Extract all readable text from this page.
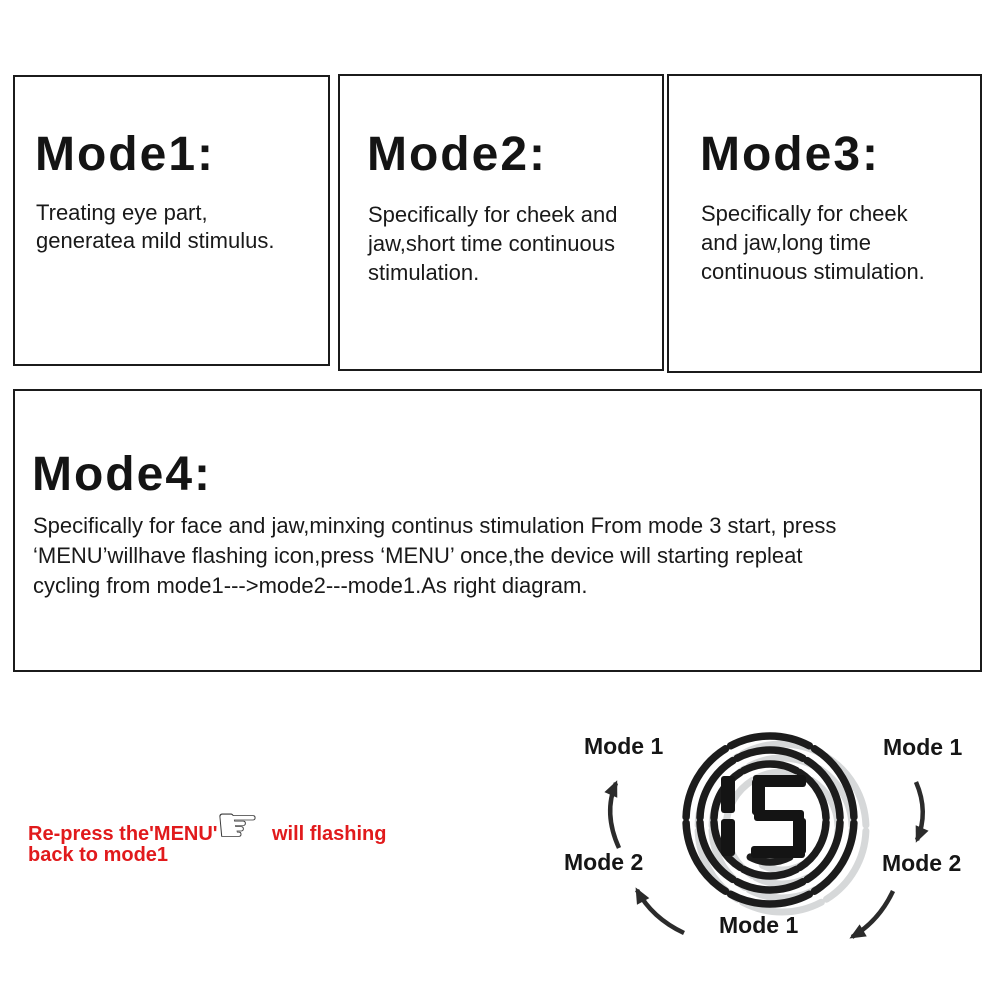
Mode1:

Treating eye part,
generatea mild stimulus.

Mode2:

Specifically for cheek and
jaw,short time continuous
stimulation.

Mode3:

Specifically for cheek
and jaw,long time
continuous stimulation.

Mode4:

Specifically for face and jaw,minxing continus stimulation From mode 3 start, press
‘MENU’willhave flashing icon,press ‘MENU’ once,the device will starting repleat
cycling from mode1--->mode2---mode1.As right diagram.

Re-press the'MENU'
☞ will flashing
back to mode1
Mode 1	Mode 1
Mode 2	Mode 2
Mode 1
